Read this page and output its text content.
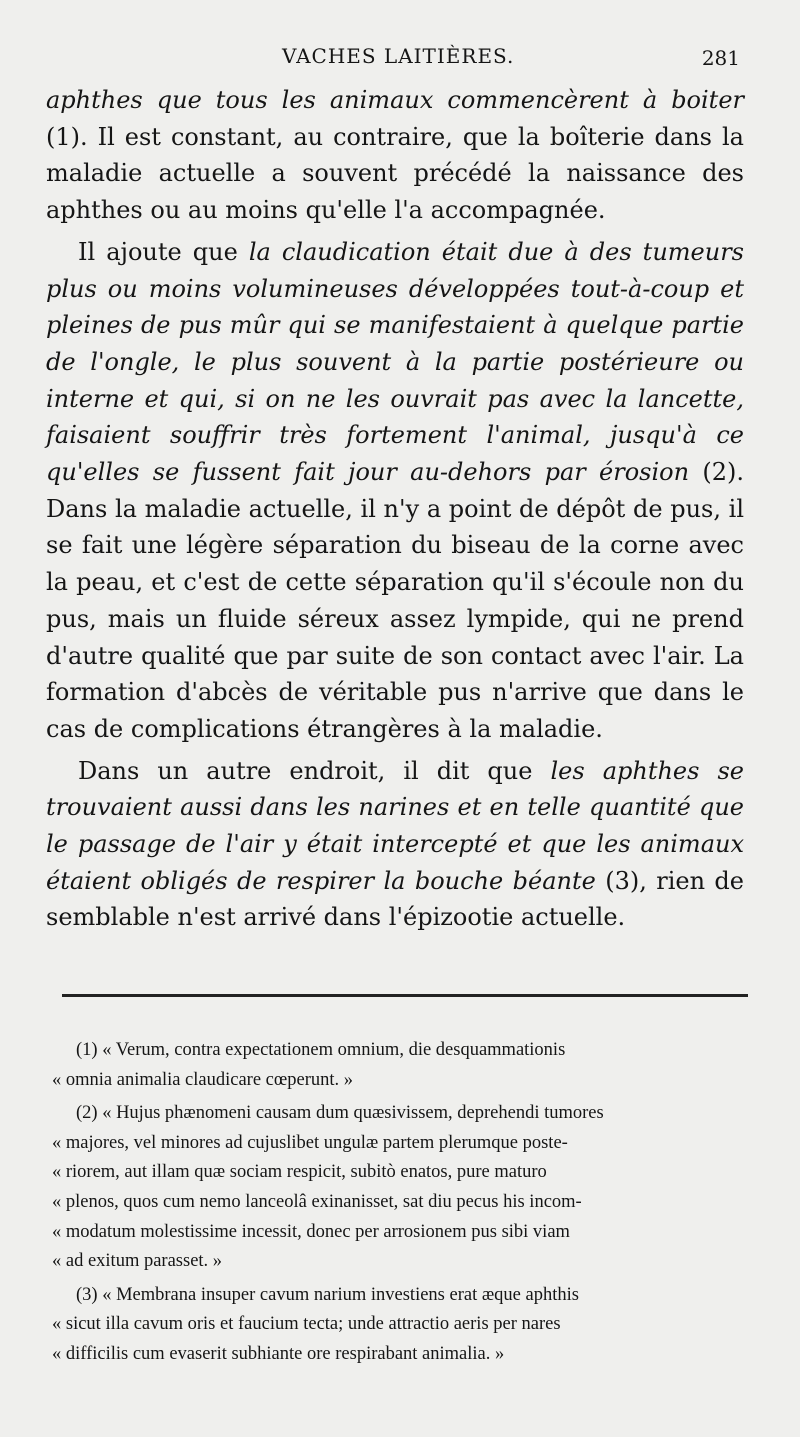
VACHES LAITIÈRES.	281

aphthes que tous les animaux commencèrent à boiter (1). Il est constant, au contraire, que la boîterie dans la maladie actuelle a souvent précédé la naissance des aphthes ou au moins qu'elle l'a accompagnée.

Il ajoute que la claudication était due à des tumeurs plus ou moins volumineuses développées tout-à-coup et pleines de pus mûr qui se manifestaient à quelque partie de l'ongle, le plus souvent à la partie postérieure ou interne et qui, si on ne les ouvrait pas avec la lancette, faisaient souffrir très fortement l'animal, jusqu'à ce qu'elles se fussent fait jour au-dehors par érosion (2). Dans la maladie actuelle, il n'y a point de dépôt de pus, il se fait une légère séparation du biseau de la corne avec la peau, et c'est de cette séparation qu'il s'écoule non du pus, mais un fluide séreux assez lympide, qui ne prend d'autre qualité que par suite de son contact avec l'air. La formation d'abcès de véritable pus n'arrive que dans le cas de complications étrangères à la maladie.

Dans un autre endroit, il dit que les aphthes se trouvaient aussi dans les narines et en telle quantité que le passage de l'air y était intercepté et que les animaux étaient obligés de respirer la bouche béante (3), rien de semblable n'est arrivé dans l'épizootie actuelle.

(1) « Verum, contra expectationem omnium, die desquammationis
« omnia animalia claudicare cœperunt. »
(2) « Hujus phænomeni causam dum quæsivissem, deprehendi tumores
« majores, vel minores ad cujuslibet ungulæ partem plerumque poste-
« riorem, aut illam quæ sociam respicit, subitò enatos, pure maturo
« plenos, quos cum nemo lanceolâ exinanisset, sat diu pecus his incom-
« modatum molestissime incessit, donec per arrosionem pus sibi viam
« ad exitum parasset. »
(3) « Membrana insuper cavum narium investiens erat æque aphthis
« sicut illa cavum oris et faucium tecta; unde attractio aeris per nares
« difficilis cum evaserit subhiante ore respirabant animalia. »
